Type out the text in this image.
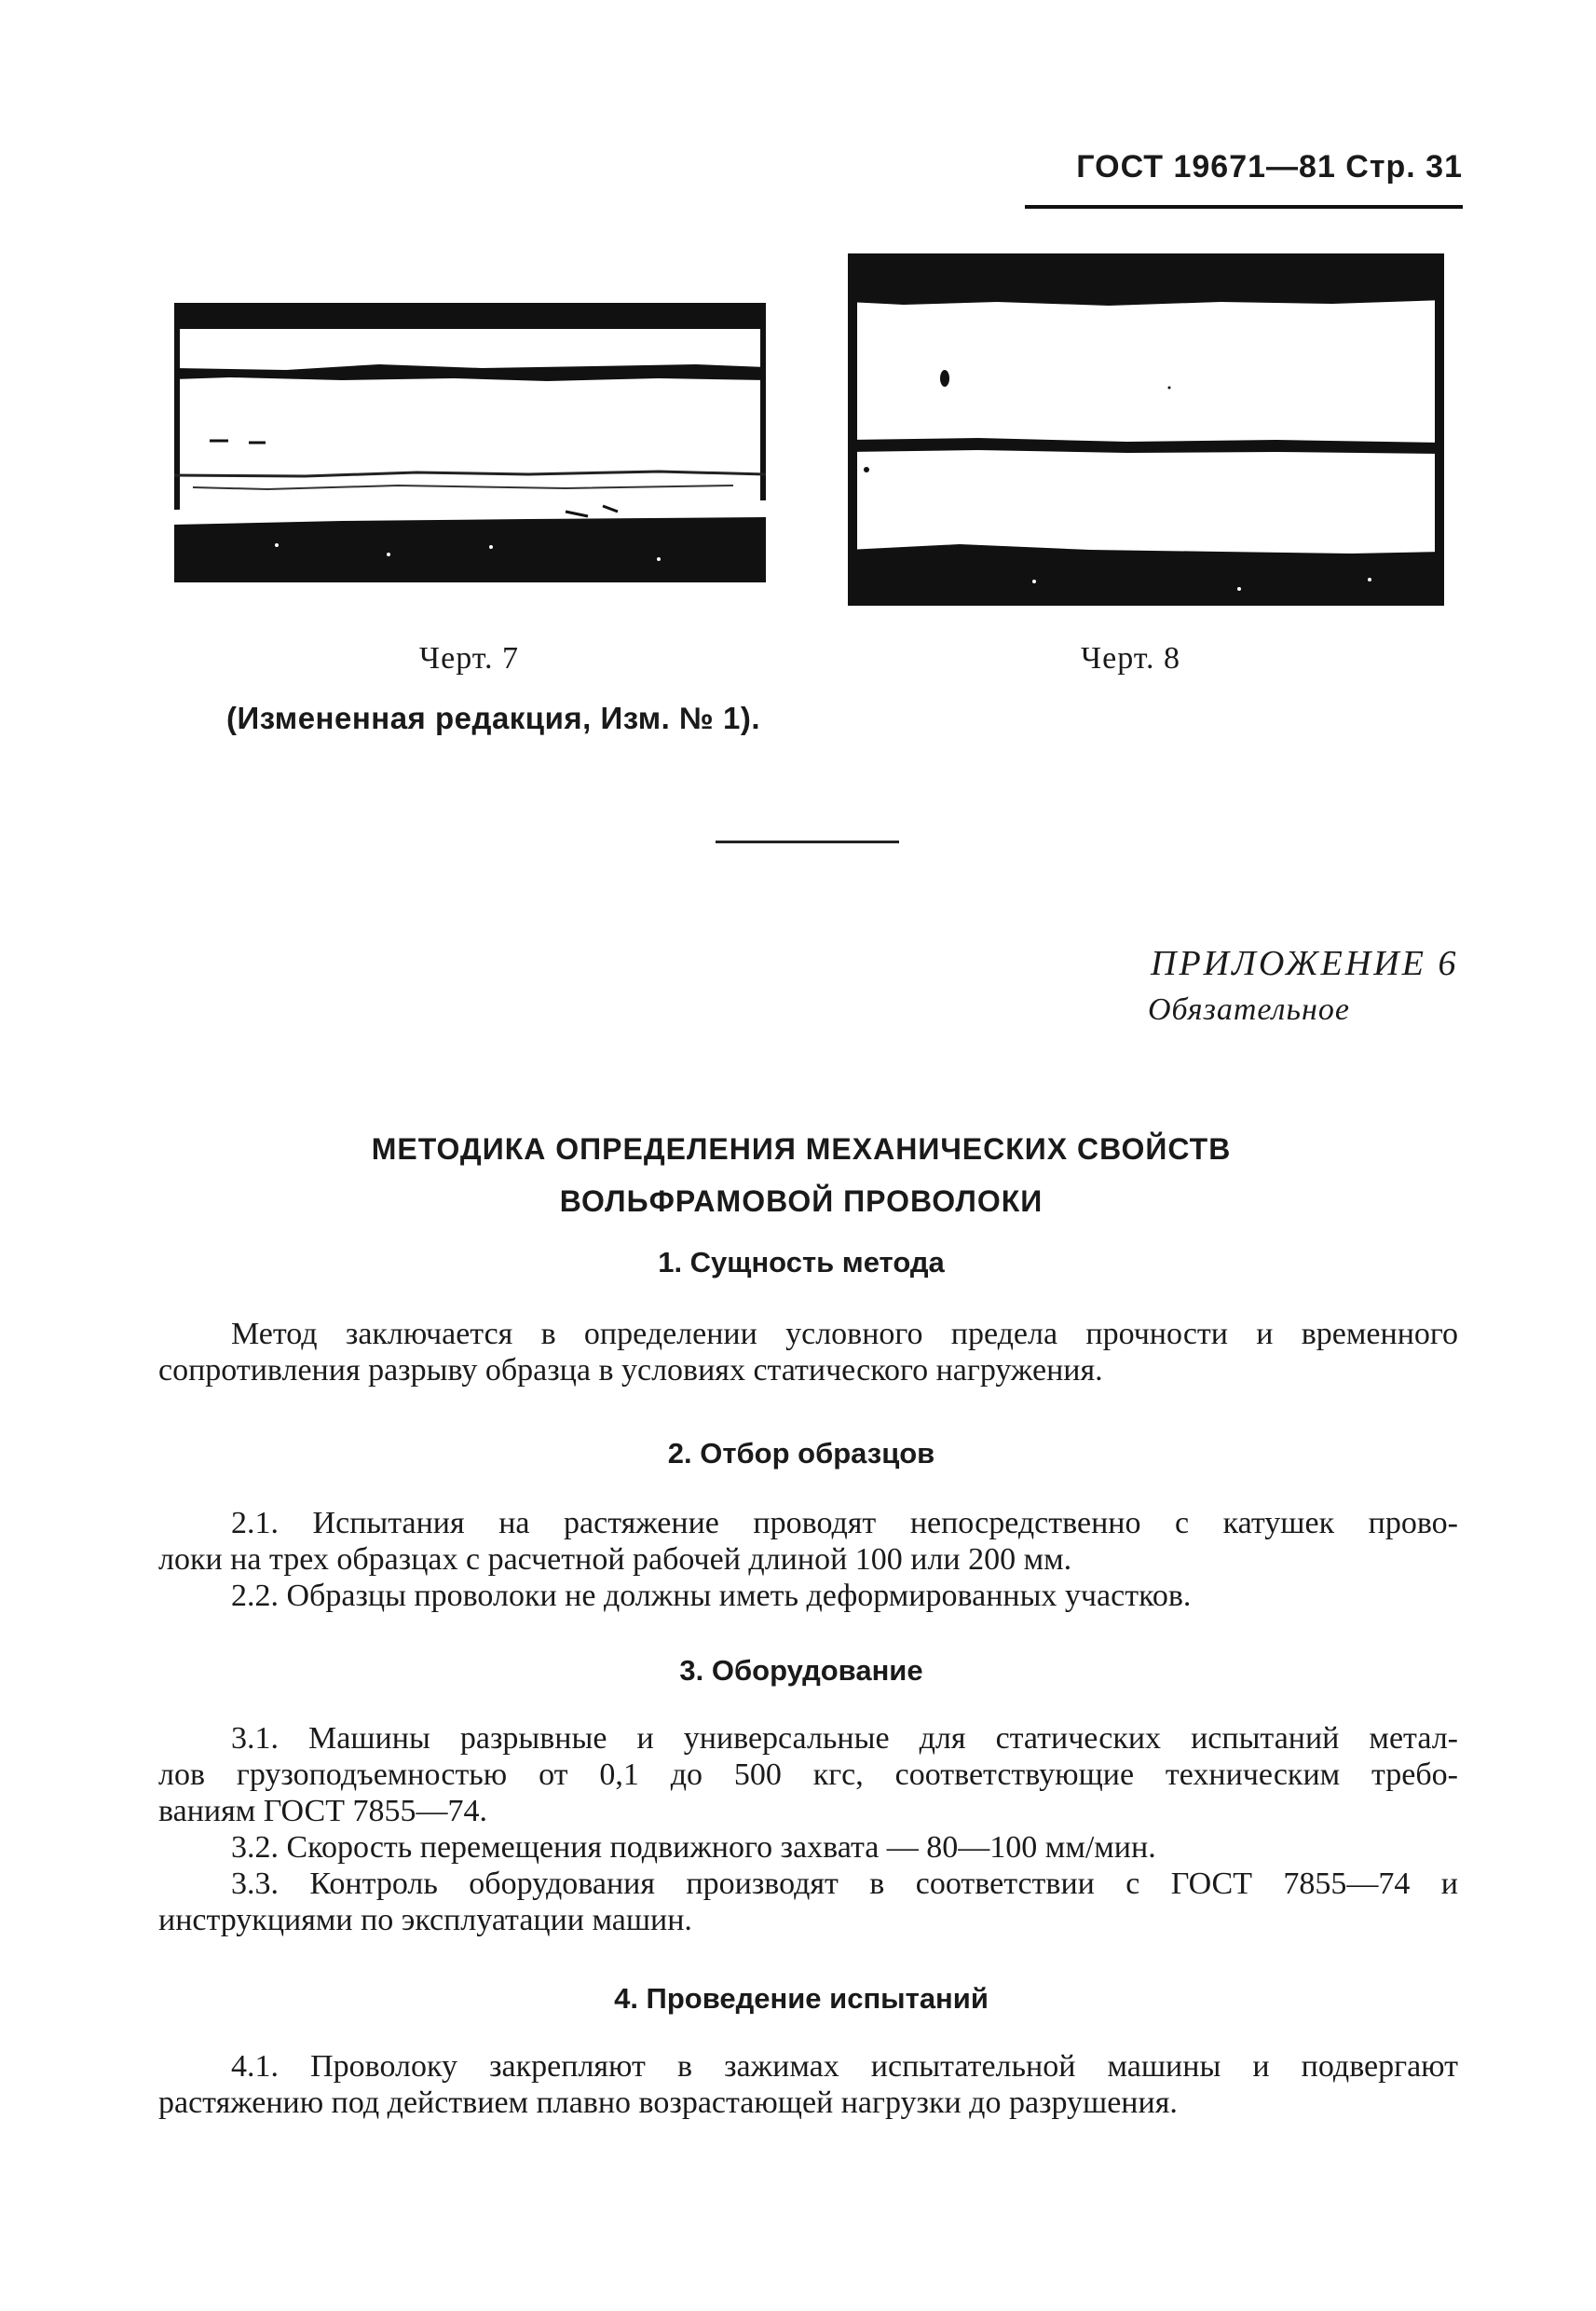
ГОСТ 19671—81 Стр. 31
Черт. 7	Черт. 8
(Измененная редакция, Изм. № 1).
ПРИЛОЖЕНИЕ 6
Обязательное
МЕТОДИКА ОПРЕДЕЛЕНИЯ МЕХАНИЧЕСКИХ СВОЙСТВ
ВОЛЬФРАМОВОЙ ПРОВОЛОКИ
1. Сущность метода
Метод заключается в определении условного предела прочности и временного
сопротивления разрыву образца в условиях статического нагружения.
2. Отбор образцов
2.1. Испытания на растяжение проводят непосредственно с катушек прово-
локи на трех образцах с расчетной рабочей длиной 100 или 200 мм.
2.2. Образцы проволоки не должны иметь деформированных участков.
3. Оборудование
3.1. Машины разрывные и универсальные для статических испытаний метал-
лов грузоподъемностью от 0,1 до 500 кгс, соответствующие техническим требо-
ваниям ГОСТ 7855—74.
3.2. Скорость перемещения подвижного захвата — 80—100 мм/мин.
3.3. Контроль оборудования производят в соответствии с ГОСТ 7855—74 и
инструкциями по эксплуатации машин.
4. Проведение испытаний
4.1. Проволоку закрепляют в зажимах испытательной машины и подвергают
растяжению под действием плавно возрастающей нагрузки до разрушения.
